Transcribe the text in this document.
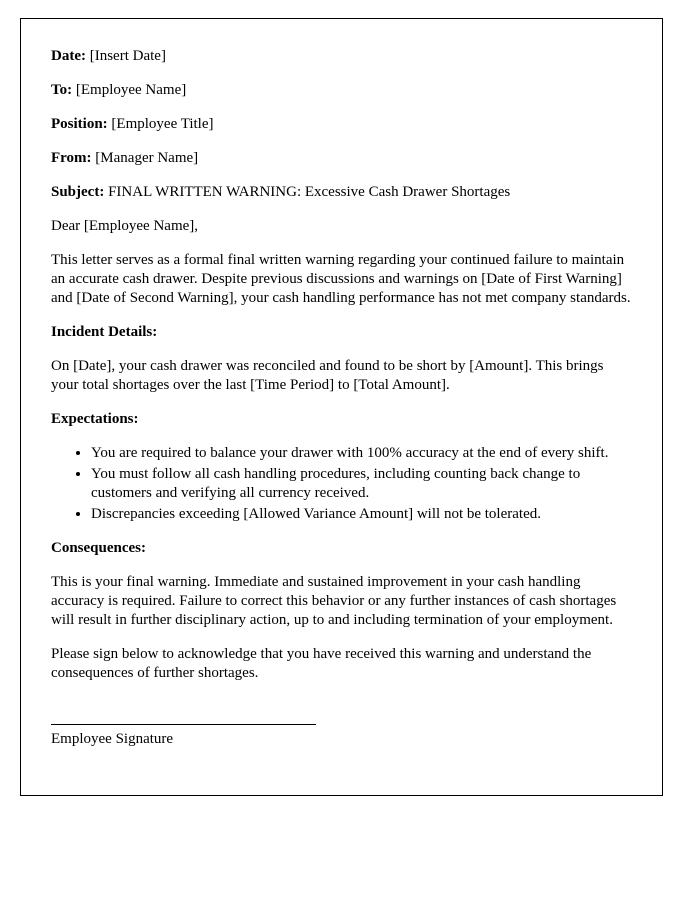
Date: [Insert Date]
To: [Employee Name]
Position: [Employee Title]
From: [Manager Name]
Subject: FINAL WRITTEN WARNING: Excessive Cash Drawer Shortages

Dear [Employee Name],

This letter serves as a formal final written warning regarding your continued failure to maintain an accurate cash drawer. Despite previous discussions and warnings on [Date of First Warning] and [Date of Second Warning], your cash handling performance has not met company standards.

Incident Details:

On [Date], your cash drawer was reconciled and found to be short by [Amount]. This brings your total shortages over the last [Time Period] to [Total Amount].

Expectations:

• You are required to balance your drawer with 100% accuracy at the end of every shift.
• You must follow all cash handling procedures, including counting back change to customers and verifying all currency received.
• Discrepancies exceeding [Allowed Variance Amount] will not be tolerated.

Consequences:

This is your final warning. Immediate and sustained improvement in your cash handling accuracy is required. Failure to correct this behavior or any further instances of cash shortages will result in further disciplinary action, up to and including termination of your employment.

Please sign below to acknowledge that you have received this warning and understand the consequences of further shortages.

Employee Signature
